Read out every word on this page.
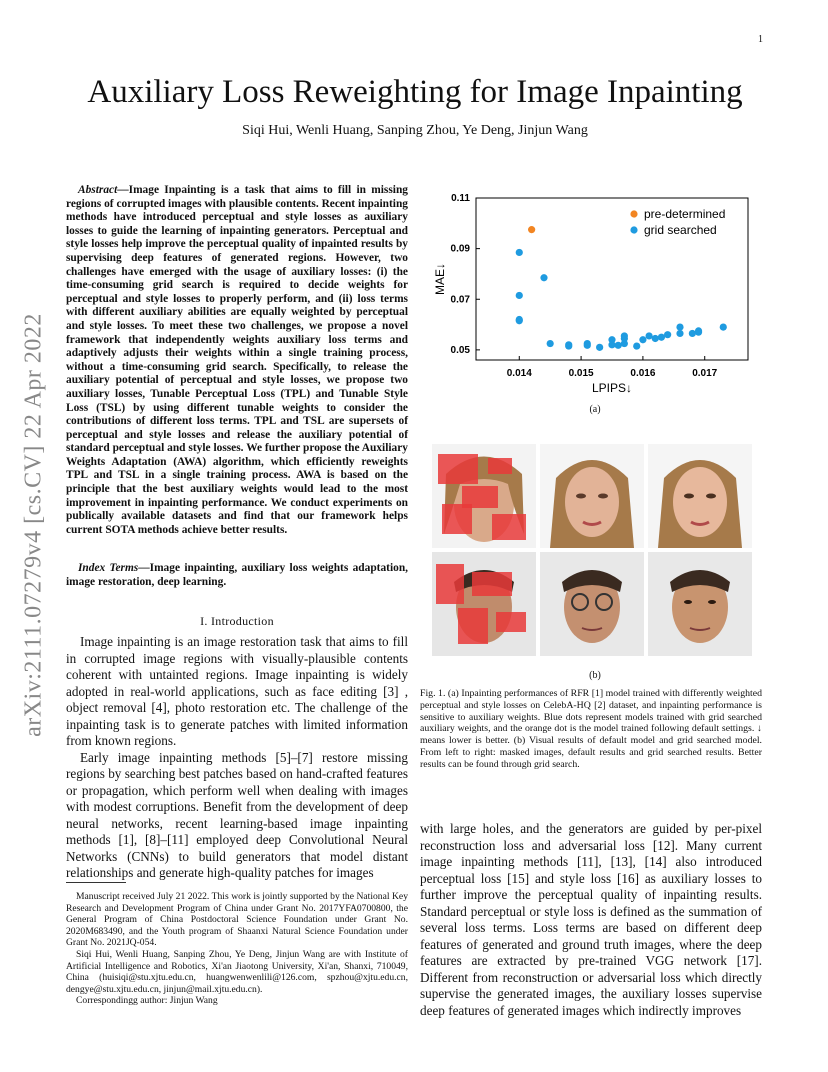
1
arXiv:2111.07279v4 [cs.CV] 22 Apr 2022
Auxiliary Loss Reweighting for Image Inpainting
Siqi Hui, Wenli Huang, Sanping Zhou, Ye Deng, Jinjun Wang
Abstract—Image Inpainting is a task that aims to fill in missing regions of corrupted images with plausible contents. Recent inpainting methods have introduced perceptual and style losses as auxiliary losses to guide the learning of inpainting generators. Perceptual and style losses help improve the perceptual quality of inpainted results by supervising deep features of generated regions. However, two challenges have emerged with the usage of auxiliary losses: (i) the time-consuming grid search is required to decide weights for perceptual and style losses to properly perform, and (ii) loss terms with different auxiliary abilities are equally weighted by perceptual and style losses. To meet these two challenges, we propose a novel framework that independently weights auxiliary loss terms and adaptively adjusts their weights within a single training process, without a time-consuming grid search. Specifically, to release the auxiliary potential of perceptual and style losses, we propose two auxiliary losses, Tunable Perceptual Loss (TPL) and Tunable Style Loss (TSL) by using different tunable weights to consider the contributions of different loss terms. TPL and TSL are supersets of perceptual and style losses and release the auxiliary potential of standard perceptual and style losses. We further propose the Auxiliary Weights Adaptation (AWA) algorithm, which efficiently reweights TPL and TSL in a single training process. AWA is based on the principle that the best auxiliary weights would lead to the most improvement in inpainting performance. We conduct experiments on publically available datasets and find that our framework helps current SOTA methods achieve better results.
Index Terms—Image inpainting, auxiliary loss weights adaptation, image restoration, deep learning.
I. Introduction

Image inpainting is an image restoration task that aims to fill in corrupted image regions with visually-plausible contents coherent with untainted regions. Image inpainting is widely adopted in real-world applications, such as face editing [3] , object removal [4], photo restoration etc. The challenge of the inpainting task is to generate patches with limited information from known regions.

Early image inpainting methods [5]–[7] restore missing regions by searching best patches based on hand-crafted features or propagation, which perform well when dealing with images with modest corruptions. Benefit from the development of deep neural networks, recent learning-based image inpainting methods [1], [8]–[11] employed deep Convolutional Neural Networks (CNNs) to build generators that model distant relationships and generate high-quality patches for images

Manuscript received July 21 2022. This work is jointly supported by the National Key Research and Development Program of China under Grant No. 2017YFA0700800, the General Program of China Postdoctoral Science Foundation under Grant No. 2020M683490, and the Youth program of Shaanxi Natural Science Foundation under Grant No. 2021JQ-054.

Siqi Hui, Wenli Huang, Sanping Zhou, Ye Deng, Jinjun Wang are with Institute of Artificial Intelligence and Robotics, Xi'an Jiaotong University, Xi'an, Shanxi, 710049, China (huisiqi@stu.xjtu.edu.cn, huangwenwenlili@126.com, spzhou@xjtu.edu.cn, dengye@stu.xjtu.edu.cn, jinjun@mail.xjtu.edu.cn).

Correspondingg author: Jinjun Wang

0.014	0.015	0.016	0.017
0.05
0.07
0.09
0.11
LPIPS↓
MAE↓
pre-determined
grid searched
(a)
(b)
Fig. 1. (a) Inpainting performances of RFR [1] model trained with differently weighted perceptual and style losses on CelebA-HQ [2] dataset, and inpainting performance is sensitive to auxiliary weights. Blue dots represent models trained with grid searched auxiliary weights, and the orange dot is the model trained following default settings. ↓ means lower is better. (b) Visual results of default model and grid searched model. From left to right: masked images, default results and grid searched results. Better results can be found through grid search.

with large holes, and the generators are guided by per-pixel reconstruction loss and adversarial loss [12]. Many current image inpainting methods [11], [13], [14] also introduced perceptual loss [15] and style loss [16] as auxiliary losses to further improve the perceptual quality of inpainting results. Standard perceptual or style loss is defined as the summation of several loss terms. Loss terms are based on different deep features of generated and ground truth images, where the deep features are extracted by pre-trained VGG network [17]. Different from reconstruction or adversarial loss which directly supervise the generated images, the auxiliary losses supervise deep features of generated images which indirectly improves
